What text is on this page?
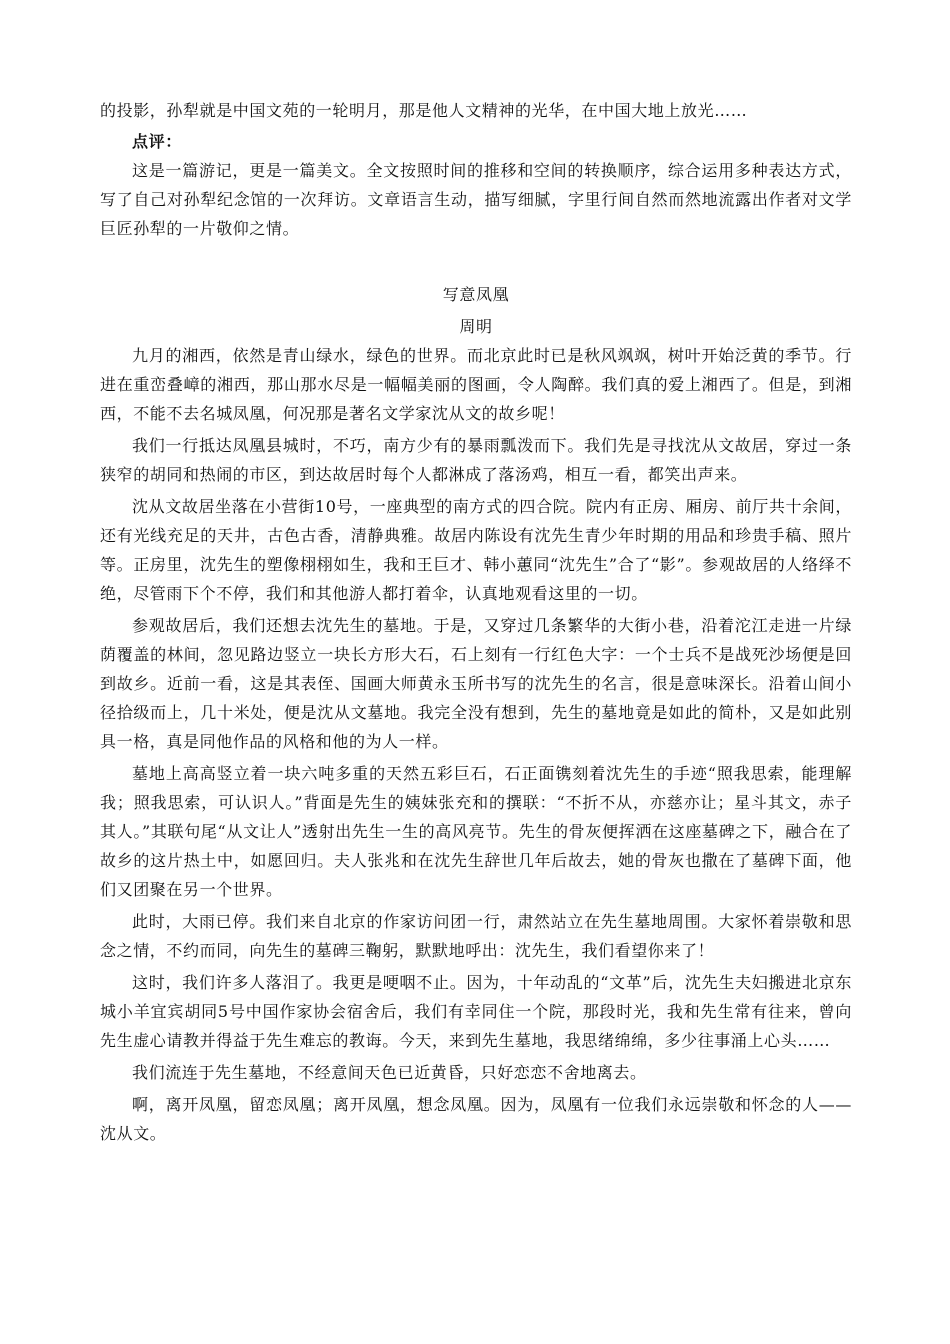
的投影，孙犁就是中国文苑的一轮明月，那是他人文精神的光华，在中国大地上放光……

点评：

这是一篇游记，更是一篇美文。全文按照时间的推移和空间的转换顺序，综合运用多种表达方式，写了自己对孙犁纪念馆的一次拜访。文章语言生动，描写细腻，字里行间自然而然地流露出作者对文学巨匠孙犁的一片敬仰之情。

写意凤凰

周明

九月的湘西，依然是青山绿水，绿色的世界。而北京此时已是秋风飒飒，树叶开始泛黄的季节。行进在重峦叠嶂的湘西，那山那水尽是一幅幅美丽的图画，令人陶醉。我们真的爱上湘西了。但是，到湘西，不能不去名城凤凰，何况那是著名文学家沈从文的故乡呢！

我们一行抵达凤凰县城时，不巧，南方少有的暴雨瓢泼而下。我们先是寻找沈从文故居，穿过一条狭窄的胡同和热闹的市区，到达故居时每个人都淋成了落汤鸡，相互一看，都笑出声来。

沈从文故居坐落在小营街10号，一座典型的南方式的四合院。院内有正房、厢房、前厅共十余间，还有光线充足的天井，古色古香，清静典雅。故居内陈设有沈先生青少年时期的用品和珍贵手稿、照片等。正房里，沈先生的塑像栩栩如生，我和王巨才、韩小蕙同“沈先生”合了“影”。参观故居的人络绎不绝，尽管雨下个不停，我们和其他游人都打着伞，认真地观看这里的一切。

参观故居后，我们还想去沈先生的墓地。于是，又穿过几条繁华的大街小巷，沿着沱江走进一片绿荫覆盖的林间，忽见路边竖立一块长方形大石，石上刻有一行红色大字：一个士兵不是战死沙场便是回到故乡。近前一看，这是其表侄、国画大师黄永玉所书写的沈先生的名言，很是意味深长。沿着山间小径拾级而上，几十米处，便是沈从文墓地。我完全没有想到，先生的墓地竟是如此的简朴，又是如此别具一格，真是同他作品的风格和他的为人一样。

墓地上高高竖立着一块六吨多重的天然五彩巨石，石正面镌刻着沈先生的手迹“照我思索，能理解我；照我思索，可认识人。”背面是先生的姨妹张充和的撰联：“不折不从，亦慈亦让；星斗其文，赤子其人。”其联句尾“从文让人”透射出先生一生的高风亮节。先生的骨灰便挥洒在这座墓碑之下，融合在了故乡的这片热土中，如愿回归。夫人张兆和在沈先生辞世几年后故去，她的骨灰也撒在了墓碑下面，他们又团聚在另一个世界。

此时，大雨已停。我们来自北京的作家访问团一行，肃然站立在先生墓地周围。大家怀着崇敬和思念之情，不约而同，向先生的墓碑三鞠躬，默默地呼出：沈先生，我们看望你来了！

这时，我们许多人落泪了。我更是哽咽不止。因为，十年动乱的“文革”后，沈先生夫妇搬进北京东城小羊宜宾胡同5号中国作家协会宿舍后，我们有幸同住一个院，那段时光，我和先生常有往来，曾向先生虚心请教并得益于先生难忘的教诲。今天，来到先生墓地，我思绪绵绵，多少往事涌上心头……

我们流连于先生墓地，不经意间天色已近黄昏，只好恋恋不舍地离去。

啊，离开凤凰，留恋凤凰；离开凤凰，想念凤凰。因为，凤凰有一位我们永远崇敬和怀念的人——沈从文。
